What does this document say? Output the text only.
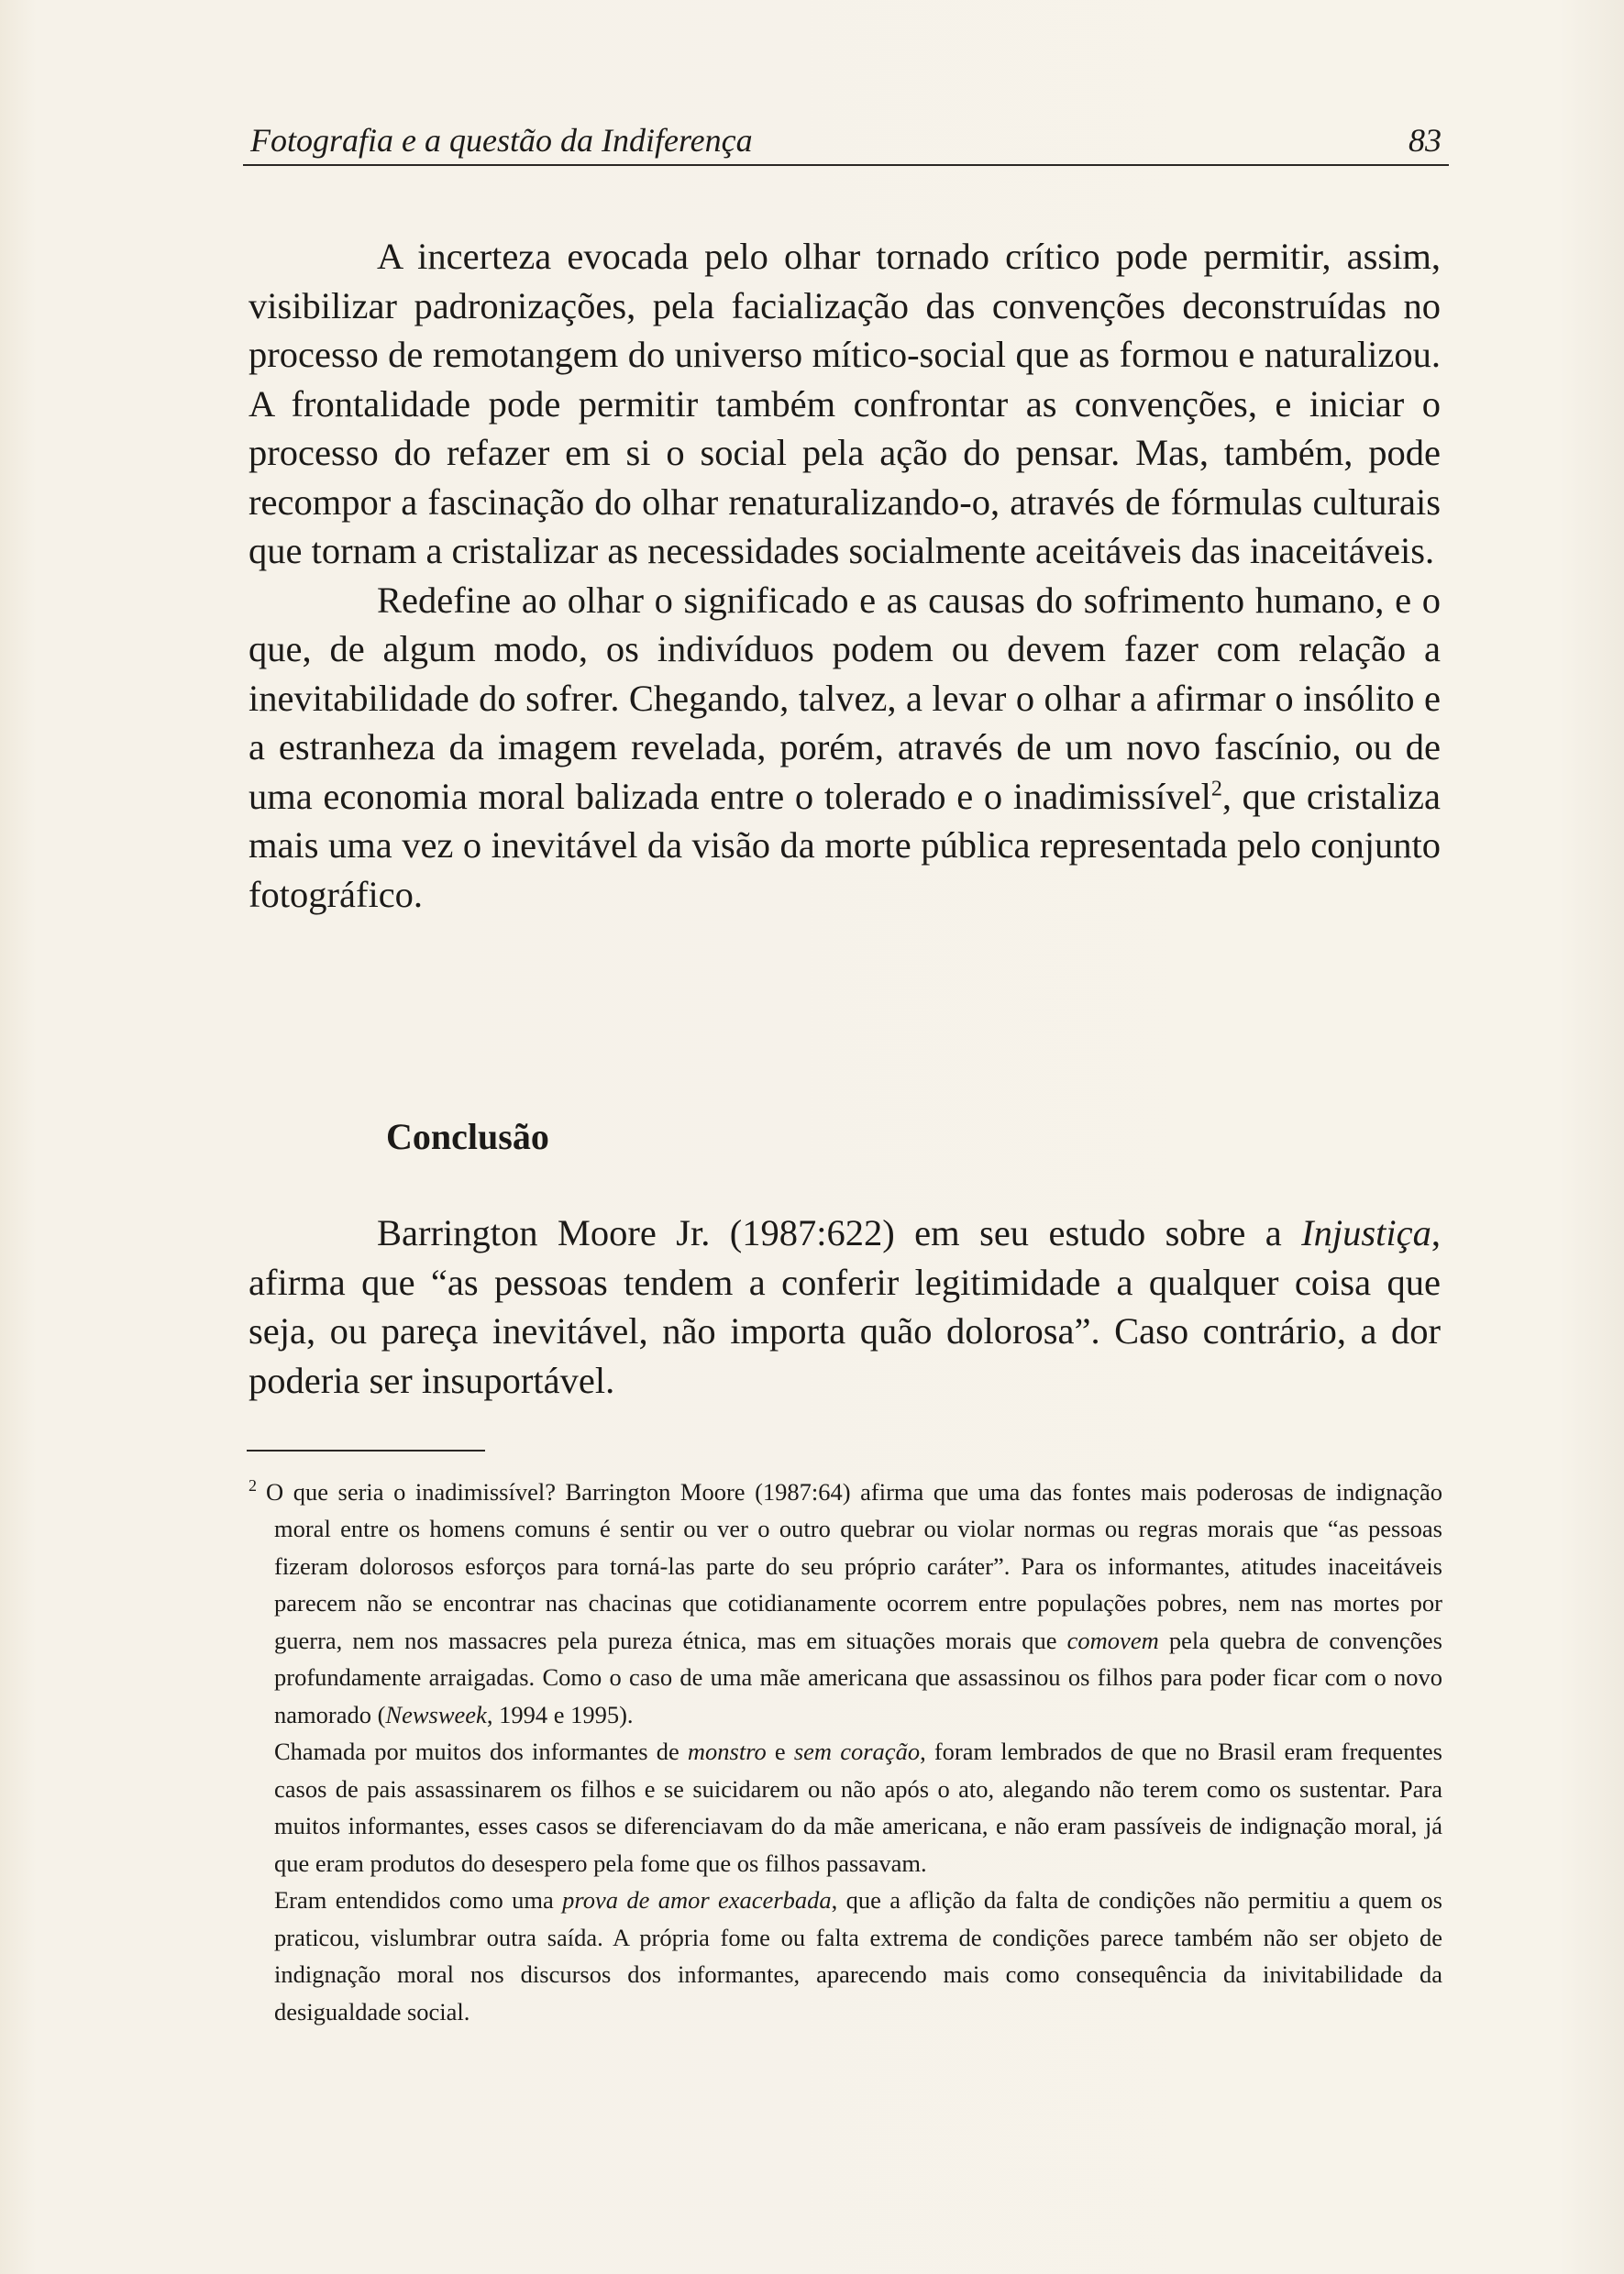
Fotografia e a questão da Indiferença	83

A incerteza evocada pelo olhar tornado crítico pode permitir, assim, visibilizar padronizações, pela facialização das convenções deconstruídas no processo de remotangem do universo mítico-social que as formou e naturalizou. A frontalidade pode permitir também confrontar as convenções, e iniciar o processo do refazer em si o social pela ação do pensar. Mas, também, pode recompor a fascinação do olhar renaturalizando-o, através de fórmulas culturais que tornam a cristalizar as necessidades socialmente aceitáveis das inaceitáveis.

Redefine ao olhar o significado e as causas do sofrimento humano, e o que, de algum modo, os indivíduos podem ou devem fazer com relação a inevitabilidade do sofrer. Chegando, talvez, a levar o olhar a afirmar o insólito e a estranheza da imagem revelada, porém, através de um novo fascínio, ou de uma economia moral balizada entre o tolerado e o inadimissível$^2$, que cristaliza mais uma vez o inevitável da visão da morte pública representada pelo conjunto fotográfico.

Conclusão

Barrington Moore Jr. (1987:622) em seu estudo sobre a Injustiça, afirma que “as pessoas tendem a conferir legitimidade a qualquer coisa que seja, ou pareça inevitável, não importa quão dolorosa”. Caso contrário, a dor poderia ser insuportável.

$^2$ O que seria o inadimissível? Barrington Moore (1987:64) afirma que uma das fontes mais poderosas de indignação moral entre os homens comuns é sentir ou ver o outro quebrar ou violar normas ou regras morais que “as pessoas fizeram dolorosos esforços para torná-las parte do seu próprio caráter”. Para os informantes, atitudes inaceitáveis parecem não se encontrar nas chacinas que cotidianamente ocorrem entre populações pobres, nem nas mortes por guerra, nem nos massacres pela pureza étnica, mas em situações morais que comovem pela quebra de convenções profundamente arraigadas. Como o caso de uma mãe americana que assassinou os filhos para poder ficar com o novo namorado (Newsweek, 1994 e 1995).

Chamada por muitos dos informantes de monstro e sem coração, foram lembrados de que no Brasil eram frequentes casos de pais assassinarem os filhos e se suicidarem ou não após o ato, alegando não terem como os sustentar. Para muitos informantes, esses casos se diferenciavam do da mãe americana, e não eram passíveis de indignação moral, já que eram produtos do desespero pela fome que os filhos passavam.

Eram entendidos como uma prova de amor exacerbada, que a aflição da falta de condições não permitiu a quem os praticou, vislumbrar outra saída. A própria fome ou falta extrema de condições parece também não ser objeto de indignação moral nos discursos dos informantes, aparecendo mais como consequência da inivitabilidade da desigualdade social.
